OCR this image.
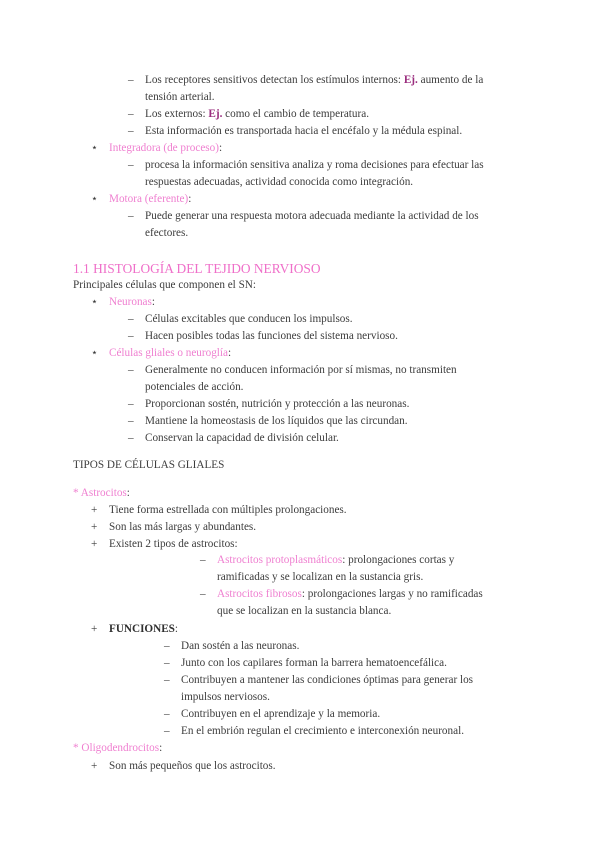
– Los receptores sensitivos detectan los estímulos internos: Ej. aumento de la
tensión arterial.
– Los externos: Ej. como el cambio de temperatura.
– Esta información es transportada hacia el encéfalo y la médula espinal.
⋆ Integradora (de proceso):
– procesa la información sensitiva analiza y roma decisiones para efectuar las
respuestas adecuadas, actividad conocida como integración.
⋆ Motora (eferente):
– Puede generar una respuesta motora adecuada mediante la actividad de los
efectores.
1.1 HISTOLOGÍA DEL TEJIDO NERVIOSO
Principales células que componen el SN:
⋆ Neuronas:
– Células excitables que conducen los impulsos.
– Hacen posibles todas las funciones del sistema nervioso.
⋆ Células gliales o neuroglía:
– Generalmente no conducen información por sí mismas, no transmiten
potenciales de acción.
– Proporcionan sostén, nutrición y protección a las neuronas.
– Mantiene la homeostasis de los líquidos que las circundan.
– Conservan la capacidad de división celular.
TIPOS DE CÉLULAS GLIALES
* Astrocitos:
+ Tiene forma estrellada con múltiples prolongaciones.
+ Son las más largas y abundantes.
+ Existen 2 tipos de astrocitos:
– Astrocitos protoplasmáticos: prolongaciones cortas y
ramificadas y se localizan en la sustancia gris.
– Astrocitos fibrosos: prolongaciones largas y no ramificadas
que se localizan en la sustancia blanca.
+ FUNCIONES:
– Dan sostén a las neuronas.
– Junto con los capilares forman la barrera hematoencefálica.
– Contribuyen a mantener las condiciones óptimas para generar los
impulsos nerviosos.
– Contribuyen en el aprendizaje y la memoria.
– En el embrión regulan el crecimiento e interconexión neuronal.
* Oligodendrocitos:
+ Son más pequeños que los astrocitos.
